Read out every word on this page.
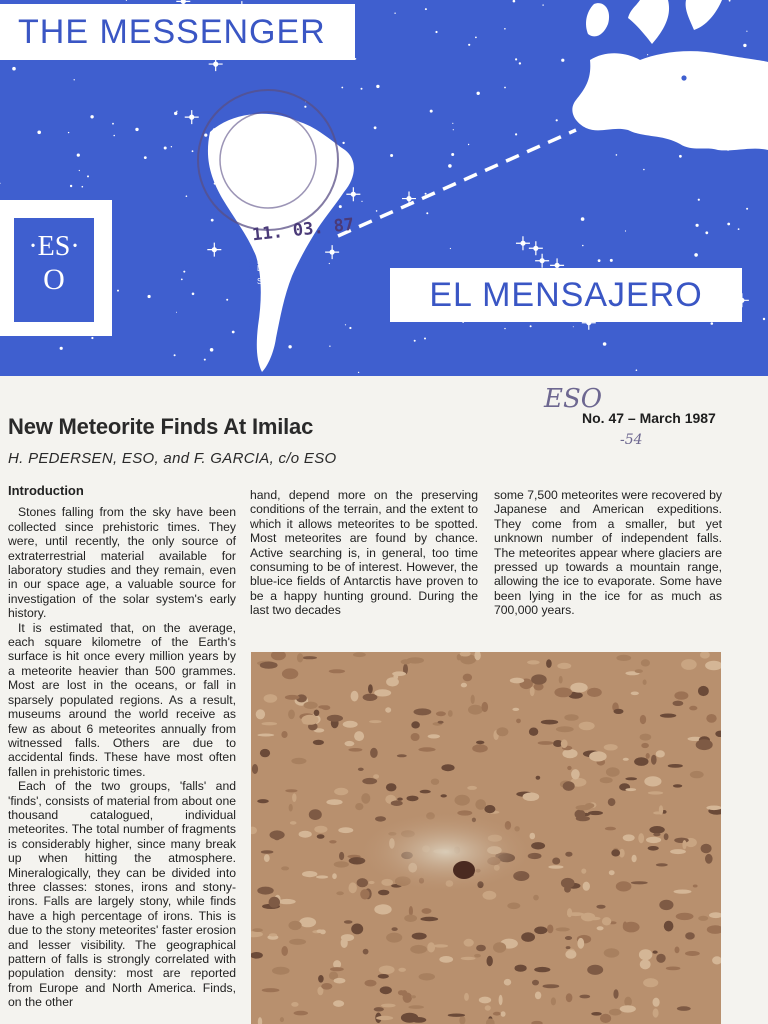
THE MESSENGER
EL MENSAJERO
·ES·
O
Munich
La Silla
La Serena
Santiago
11. 03. 87
ESO
-54
New Meteorite Finds At Imilac	No. 47 – March 1987
H. PEDERSEN, ESO, and F. GARCIA, c/o ESO
Introduction

Stones falling from the sky have been collected since prehistoric times. They were, until recently, the only source of extraterrestrial material available for laboratory studies and they remain, even in our space age, a valuable source for investigation of the solar system's early history.

It is estimated that, on the average, each square kilometre of the Earth's surface is hit once every million years by a meteorite heavier than 500 grammes. Most are lost in the oceans, or fall in sparsely populated regions. As a result, museums around the world receive as few as about 6 meteorites annually from witnessed falls. Others are due to accidental finds. These have most often fallen in prehistoric times.

Each of the two groups, 'falls' and 'finds', consists of material from about one thousand catalogued, individual meteorites. The total number of fragments is considerably higher, since many break up when hitting the atmosphere. Mineralogically, they can be divided into three classes: stones, irons and stony-irons. Falls are largely stony, while finds have a high percentage of irons. This is due to the stony meteorites' faster erosion and lesser visibility. The geographical pattern of falls is strongly correlated with population density: most are reported from Europe and North America. Finds, on the other

hand, depend more on the preserving conditions of the terrain, and the extent to which it allows meteorites to be spotted. Most meteorites are found by chance. Active searching is, in general, too time consuming to be of interest. However, the blue-ice fields of Antarctis have proven to be a happy hunting ground. During the last two decades

some 7,500 meteorites were recovered by Japanese and American expeditions. They come from a smaller, but yet unknown number of independent falls. The meteorites appear where glaciers are pressed up towards a mountain range, allowing the ice to evaporate. Some have been lying in the ice for as much as 700,000 years.
